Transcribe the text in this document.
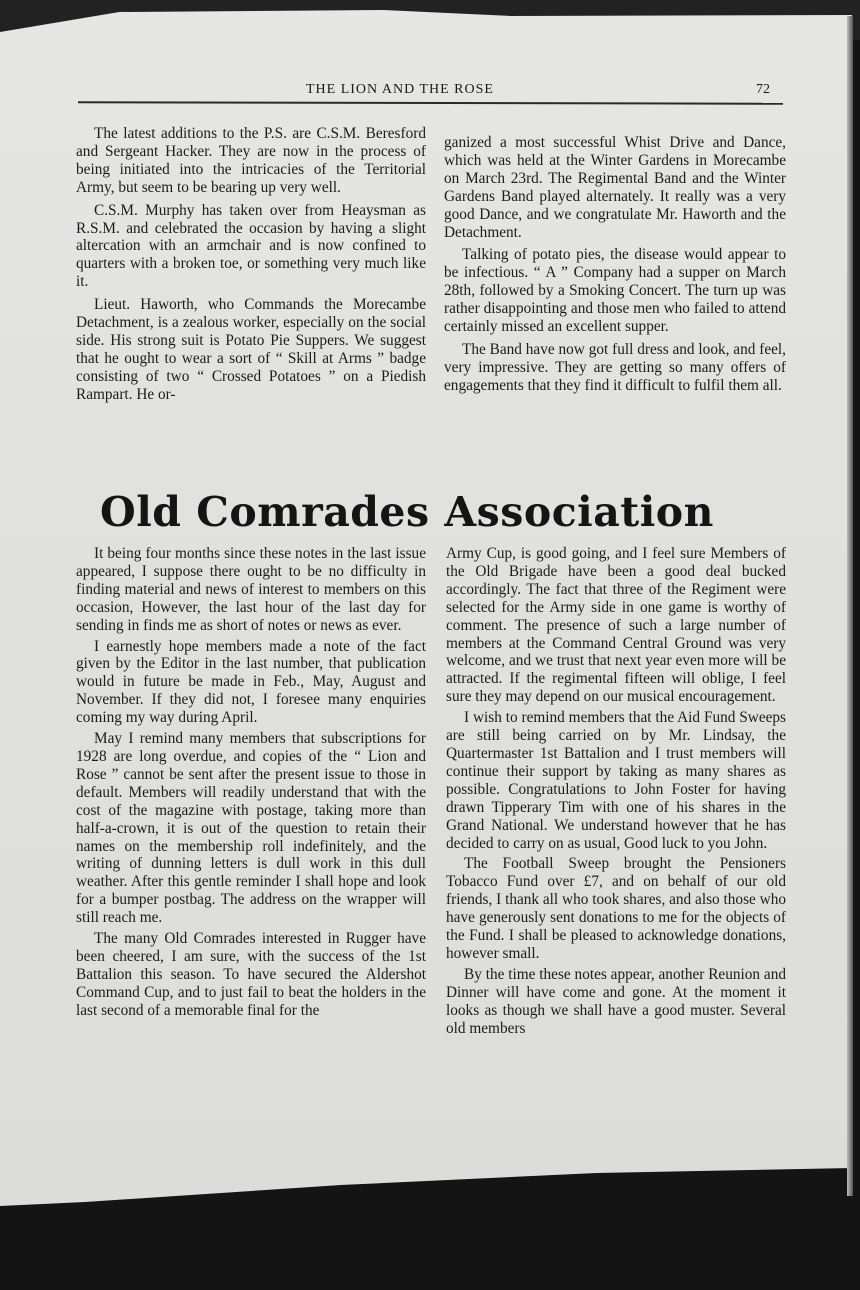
THE LION AND THE ROSE	72

The latest additions to the P.S. are C.S.M. Beresford and Sergeant Hacker. They are now in the process of being initiated into the intricacies of the Territorial Army, but seem to be bearing up very well.

C.S.M. Murphy has taken over from Heaysman as R.S.M. and celebrated the occasion by having a slight altercation with an armchair and is now confined to quarters with a broken toe, or something very much like it.

Lieut. Haworth, who Commands the Morecambe Detachment, is a zealous worker, especially on the social side. His strong suit is Potato Pie Suppers. We suggest that he ought to wear a sort of “ Skill at Arms ” badge consisting of two “ Crossed Potatoes ” on a Piedish Rampart. He or-

ganized a most successful Whist Drive and Dance, which was held at the Winter Gardens in Morecambe on March 23rd. The Regimental Band and the Winter Gardens Band played alternately. It really was a very good Dance, and we congratulate Mr. Haworth and the Detachment.

Talking of potato pies, the disease would appear to be infectious. “ A ” Company had a supper on March 28th, followed by a Smoking Concert. The turn up was rather disappointing and those men who failed to attend certainly missed an excellent supper.

The Band have now got full dress and look, and feel, very impressive. They are getting so many offers of engagements that they find it difficult to fulfil them all.

Old Comrades Association

It being four months since these notes in the last issue appeared, I suppose there ought to be no difficulty in finding material and news of interest to members on this occasion, However, the last hour of the last day for sending in finds me as short of notes or news as ever.

I earnestly hope members made a note of the fact given by the Editor in the last number, that publication would in future be made in Feb., May, August and November. If they did not, I foresee many enquiries coming my way during April.

May I remind many members that subscriptions for 1928 are long overdue, and copies of the “ Lion and Rose ” cannot be sent after the present issue to those in default. Members will readily understand that with the cost of the magazine with postage, taking more than half-a-crown, it is out of the question to retain their names on the membership roll indefinitely, and the writing of dunning letters is dull work in this dull weather. After this gentle reminder I shall hope and look for a bumper postbag. The address on the wrapper will still reach me.

The many Old Comrades interested in Rugger have been cheered, I am sure, with the success of the 1st Battalion this season. To have secured the Aldershot Command Cup, and to just fail to beat the holders in the last second of a memorable final for the

Army Cup, is good going, and I feel sure Members of the Old Brigade have been a good deal bucked accordingly. The fact that three of the Regiment were selected for the Army side in one game is worthy of comment. The presence of such a large number of members at the Command Central Ground was very welcome, and we trust that next year even more will be attracted. If the regimental fifteen will oblige, I feel sure they may depend on our musical encouragement.

I wish to remind members that the Aid Fund Sweeps are still being carried on by Mr. Lindsay, the Quartermaster 1st Battalion and I trust members will continue their support by taking as many shares as possible. Congratulations to John Foster for having drawn Tipperary Tim with one of his shares in the Grand National. We understand however that he has decided to carry on as usual, Good luck to you John.

The Football Sweep brought the Pensioners Tobacco Fund over £7, and on behalf of our old friends, I thank all who took shares, and also those who have generously sent donations to me for the objects of the Fund. I shall be pleased to acknowledge donations, however small.

By the time these notes appear, another Reunion and Dinner will have come and gone. At the moment it looks as though we shall have a good muster. Several old members
